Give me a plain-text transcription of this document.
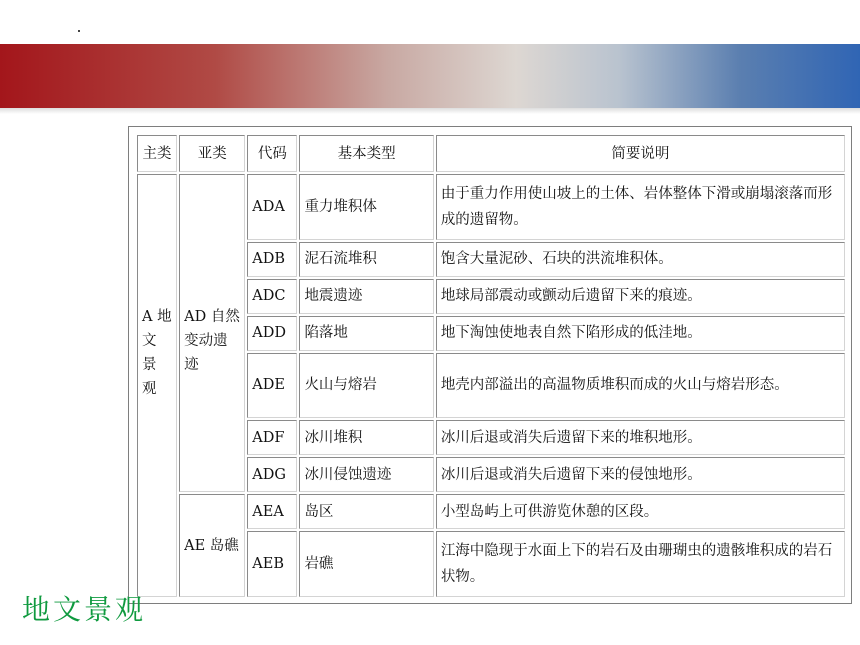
主类	亚类	代码	基本类型	简要说明
A 地 文 景 观	AD 自然变动遗迹	ADA	重力堆积体	由于重力作用使山坡上的土体、岩体整体下滑或崩塌滚落而形成的遗留物。
		ADB	泥石流堆积	饱含大量泥砂、石块的洪流堆积体。
		ADC	地震遗迹	地球局部震动或颤动后遗留下来的痕迹。
		ADD	陷落地	地下淘蚀使地表自然下陷形成的低洼地。
		ADE	火山与熔岩	地壳内部溢出的高温物质堆积而成的火山与熔岩形态。
		ADF	冰川堆积	冰川后退或消失后遗留下来的堆积地形。
		ADG	冰川侵蚀遗迹	冰川后退或消失后遗留下来的侵蚀地形。
	AE 岛礁	AEA	岛区	小型岛屿上可供游览休憩的区段。
		AEB	岩礁	江海中隐现于水面上下的岩石及由珊瑚虫的遗骸堆积成的岩石状物。
地文景观
